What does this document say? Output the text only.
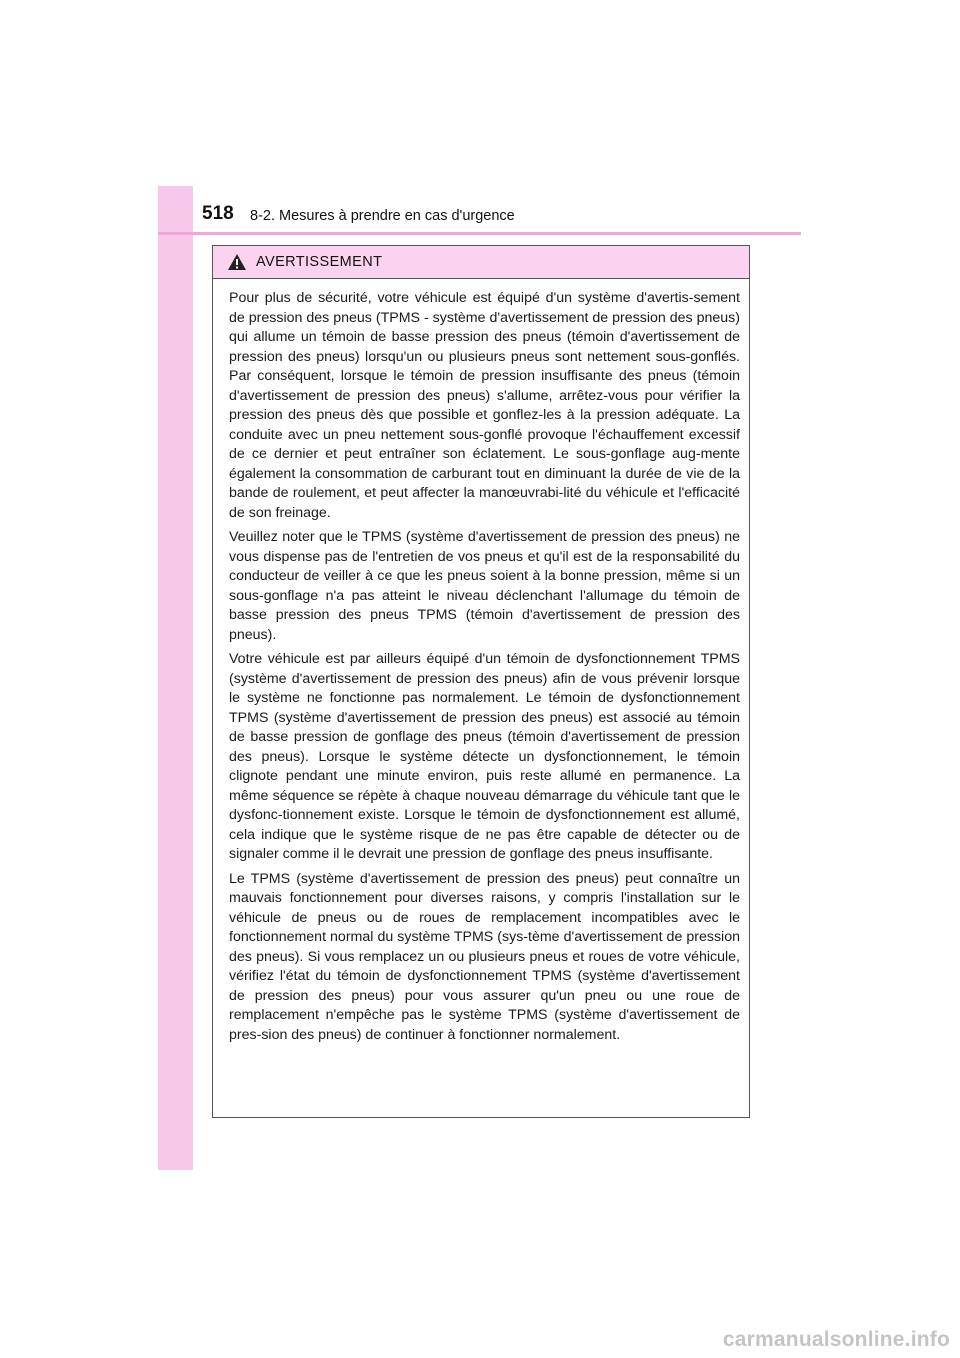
518 8-2. Mesures à prendre en cas d'urgence
AVERTISSEMENT

Pour plus de sécurité, votre véhicule est équipé d'un système d'avertis-sement de pression des pneus (TPMS - système d'avertissement de pression des pneus) qui allume un témoin de basse pression des pneus (témoin d'avertissement de pression des pneus) lorsqu'un ou plusieurs pneus sont nettement sous-gonflés. Par conséquent, lorsque le témoin de pression insuffisante des pneus (témoin d'avertissement de pression des pneus) s'allume, arrêtez-vous pour vérifier la pression des pneus dès que possible et gonflez-les à la pression adéquate. La conduite avec un pneu nettement sous-gonflé provoque l'échauffement excessif de ce dernier et peut entraîner son éclatement. Le sous-gonflage aug-mente également la consommation de carburant tout en diminuant la durée de vie de la bande de roulement, et peut affecter la manœuvrabi-lité du véhicule et l'efficacité de son freinage.

Veuillez noter que le TPMS (système d'avertissement de pression des pneus) ne vous dispense pas de l'entretien de vos pneus et qu'il est de la responsabilité du conducteur de veiller à ce que les pneus soient à la bonne pression, même si un sous-gonflage n'a pas atteint le niveau déclenchant l'allumage du témoin de basse pression des pneus TPMS (témoin d'avertissement de pression des pneus).

Votre véhicule est par ailleurs équipé d'un témoin de dysfonctionnement TPMS (système d'avertissement de pression des pneus) afin de vous prévenir lorsque le système ne fonctionne pas normalement. Le témoin de dysfonctionnement TPMS (système d'avertissement de pression des pneus) est associé au témoin de basse pression de gonflage des pneus (témoin d'avertissement de pression des pneus). Lorsque le système détecte un dysfonctionnement, le témoin clignote pendant une minute environ, puis reste allumé en permanence. La même séquence se répète à chaque nouveau démarrage du véhicule tant que le dysfonc-tionnement existe. Lorsque le témoin de dysfonctionnement est allumé, cela indique que le système risque de ne pas être capable de détecter ou de signaler comme il le devrait une pression de gonflage des pneus insuffisante.

Le TPMS (système d'avertissement de pression des pneus) peut connaître un mauvais fonctionnement pour diverses raisons, y compris l'installation sur le véhicule de pneus ou de roues de remplacement incompatibles avec le fonctionnement normal du système TPMS (sys-tème d'avertissement de pression des pneus). Si vous remplacez un ou plusieurs pneus et roues de votre véhicule, vérifiez l'état du témoin de dysfonctionnement TPMS (système d'avertissement de pression des pneus) pour vous assurer qu'un pneu ou une roue de remplacement n'empêche pas le système TPMS (système d'avertissement de pres-sion des pneus) de continuer à fonctionner normalement.

carmanualsonline.info
